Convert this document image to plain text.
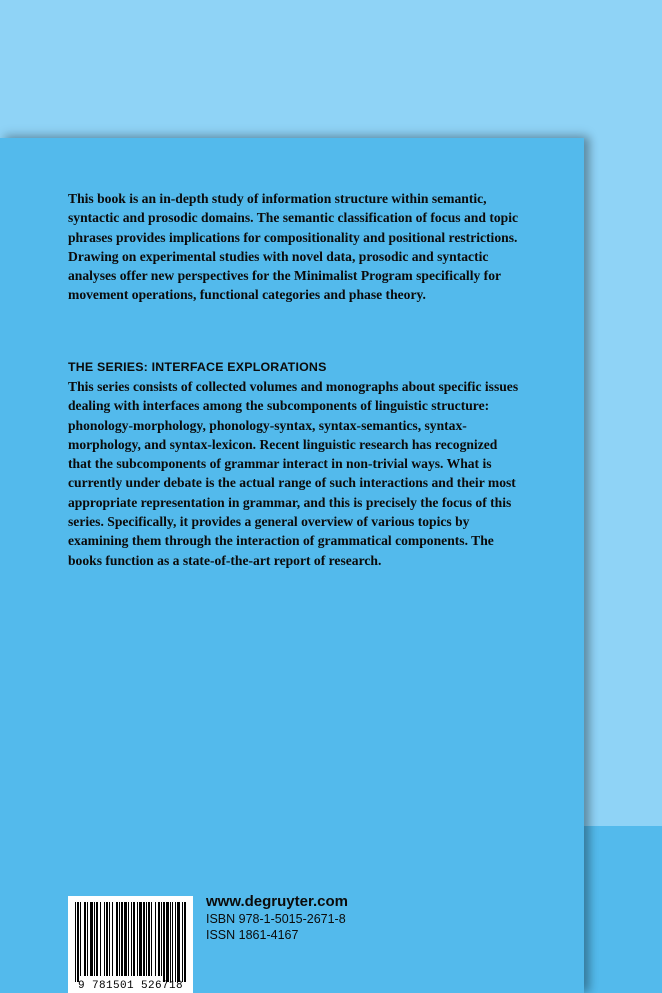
This book is an in-depth study of information structure within semantic, syntactic and prosodic domains. The semantic classification of focus and topic phrases provides implications for compositionality and positional restrictions. Drawing on experimental studies with novel data, prosodic and syntactic analyses offer new perspectives for the Minimalist Program specifically for movement operations, functional categories and phase theory.

THE SERIES: INTERFACE EXPLORATIONS

This series consists of collected volumes and monographs about specific issues dealing with interfaces among the subcomponents of linguistic structure: phonology-morphology, phonology-syntax, syntax-semantics, syntax-morphology, and syntax-lexicon. Recent linguistic research has recognized that the subcomponents of grammar interact in non-trivial ways. What is currently under debate is the actual range of such interactions and their most appropriate representation in grammar, and this is precisely the focus of this series. Specifically, it provides a general overview of various topics by examining them through the interaction of grammatical components. The books function as a state-of-the-art report of research.

9 781501 526718
www.degruyter.com
ISBN 978-1-5015-2671-8
ISSN 1861-4167
